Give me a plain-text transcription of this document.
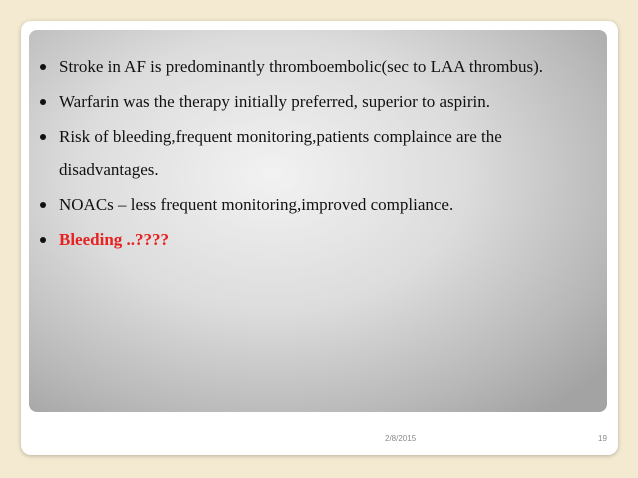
Stroke in AF is predominantly thromboembolic(sec to LAA thrombus).
Warfarin was the therapy initially preferred, superior to aspirin.
Risk of bleeding,frequent monitoring,patients complaince are the disadvantages.
NOACs – less frequent monitoring,improved compliance.
Bleeding ..????
2/8/2015	19
